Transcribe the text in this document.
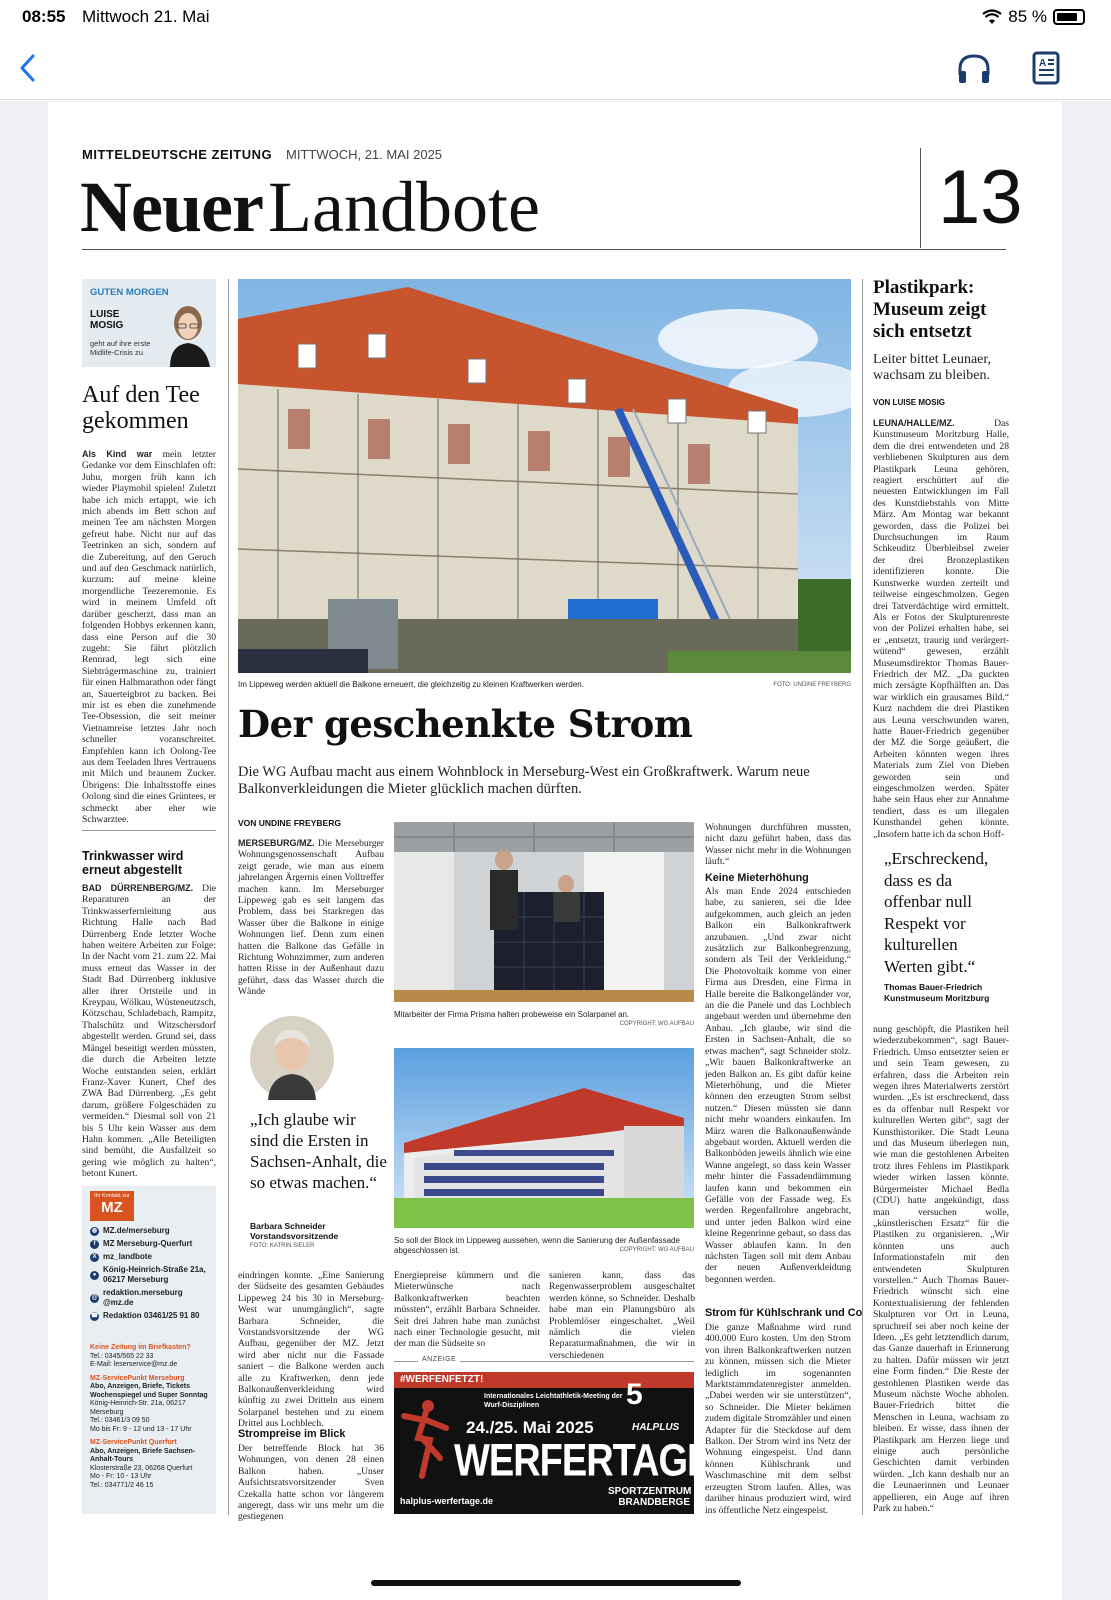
08:55 Mittwoch 21. Mai	85 %
A
MITTELDEUTSCHE ZEITUNG MITTWOCH, 21. MAI 2025
Neuer Landbote	13
GUTEN MORGEN
LUISE MOSIG
geht auf ihre erste Midlife-Crisis zu.
Auf den Tee gekommen
Als Kind war mein letzter Gedanke vor dem Einschlafen oft: Juhu, morgen früh kann ich wieder Playmobil spielen! Zuletzt habe ich mich ertappt, wie ich mich abends im Bett schon auf meinen Tee am nächsten Morgen gefreut habe. Nicht nur auf das Teetrinken an sich, sondern auf die Zubereitung, auf den Geruch und auf den Geschmack natürlich, kurzum: auf meine kleine morgendliche Teezeremonie. Es wird in meinem Umfeld oft darüber gescherzt, dass man an folgenden Hobbys erkennen kann, dass eine Person auf die 30 zugeht: Sie fährt plötzlich Rennrad, legt sich eine Siebträgermaschine zu, trainiert für einen Halbmarathon oder fängt an, Sauerteigbrot zu backen. Bei mir ist es eben die zunehmende Tee-Obsession, die seit meiner Vietnamreise letztes Jahr noch schneller voranschreitet. Empfehlen kann ich Oolong-Tee aus dem Teeladen Ihres Vertrauens mit Milch und braunem Zucker. Übrigens: Die Inhaltsstoffe eines Oolong sind die eines Grüntees, er schmeckt aber eher wie Schwarztee.
Trinkwasser wird erneut abgestellt
BAD DÜRRENBERG/MZ. Die Reparaturen an der Trinkwasserfernleitung aus Richtung Halle nach Bad Dürrenberg Ende letzter Woche haben weitere Arbeiten zur Folge: In der Nacht vom 21. zum 22. Mai muss erneut das Wasser in der Stadt Bad Dürrenberg inklusive aller ihrer Ortsteile und in Kreypau, Wölkau, Wüsteneutzsch, Kötzschau, Schladebach, Rampitz, Thalschütz und Witzschersdorf abgestellt werden. Grund sei, dass Mängel beseitigt werden müssten, die durch die Arbeiten letzte Woche entstanden seien, erklärt Franz-Xaver Kunert, Chef des ZWA Bad Dürrenberg. „Es geht darum, größere Folgeschäden zu vermeiden.“ Diesmal soll von 21 bis 5 Uhr kein Wasser aus dem Hahn kommen. „Alle Beteiligten sind bemüht, die Ausfallzeit so gering wie möglich zu halten“, betont Kunert.
Ihr Kontakt zur
MZ
◍ MZ.de/merseburg
f MZ Merseburg-Querfurt
X mz_landbote
●
König-Heinrich-Straße 21a, 06217 Merseburg
@
redaktion.merseburg @mz.de
☎ Redaktion 03461/25 91 80
Keine Zeitung im Briefkasten?
Tel.: 0345/565 22 33
E-Mail: leserservice@mz.de
MZ-ServicePunkt Merseburg
Abo, Anzeigen, Briefe, Tickets Wochenspiegel und Super Sonntag
König-Heinrich-Str. 21a, 06217 Merseburg
Tel.: 03461/3 09 50
Mo bis Fr: 9 - 12 und 13 - 17 Uhr
MZ-ServicePunkt Querfurt
Abo, Anzeigen, Briefe Sachsen-Anhalt-Tours
Klosterstraße 23, 06268 Querfurt
Mo - Fr: 10 - 13 Uhr
Tel.: 034771/2 46 15
Im Lippeweg werden aktuell die Balkone erneuert, die gleichzeitig zu kleinen Kraftwerken werden.	FOTO: UNDINE FREYBERG
Der geschenkte Strom
Die WG Aufbau macht aus einem Wohnblock in Merseburg-West ein Großkraftwerk. Warum neue Balkonverkleidungen die Mieter glücklich machen dürften.
VON UNDINE FREYBERG
MERSEBURG/MZ. Die Merseburger Wohnungsgenossenschaft Aufbau zeigt gerade, wie man aus einem jahrelangen Ärgernis einen Volltreffer machen kann. Im Merseburger Lippeweg gab es seit langem das Problem, dass bei Starkregen das Wasser über die Balkone in einige Wohnungen lief. Denn zum einen hatten die Balkone das Gefälle in Richtung Wohnzimmer, zum anderen hatten Risse in der Außenhaut dazu geführt, dass das Wasser durch die Wände
„Ich glaube wir sind die Ersten in Sachsen-Anhalt, die so etwas machen.“
Barbara Schneider
Vorstandsvorsitzende
FOTO: KATRIN SIELER
eindringen konnte. „Eine Sanierung der Südseite des gesamten Gebäudes Lippeweg 24 bis 30 in Merseburg-West war unumgänglich“, sagte Barbara Schneider, die Vorstandsvorsitzende der WG Aufbau, gegenüber der MZ. Jetzt wird aber nicht nur die Fassade saniert – die Balkone werden auch alle zu Kraftwerken, denn jede Balkonaußenverkleidung wird künftig zu zwei Dritteln aus einem Solarpanel bestehen und zu einem Drittel aus Lochblech.
Strompreise im Blick
Der betreffende Block hat 36 Wohnungen, von denen 28 einen Balkon haben. „Unser Aufsichtsratsvorsitzender Sven Czekalla hatte schon vor längerem angeregt, dass wir uns mehr um die gestiegenen
Mitarbeiter der Firma Prisma halten probeweise ein Solarpanel an.
COPYRIGHT: WG AUFBAU
So soll der Block im Lippeweg aussehen, wenn die Sanierung der Außenfassade abgeschlossen ist.	COPYRIGHT: WG AUFBAU
Energiepreise kümmern und die Mieterwünsche nach Balkonkraftwerken beachten müssten“, erzählt Barbara Schneider. Seit drei Jahren habe man zunächst nach einer Technologie gesucht, mit der man die Südseite so
sanieren kann, dass das Regenwasserproblem ausgeschaltet werden könne, so Schneider. Deshalb habe man ein Planungsbüro als Problemlöser eingeschaltet. „Weil nämlich die vielen Reparaturmaßnahmen, die wir in verschiedenen
ANZEIGE
#WERFENFETZT!
Internationales Leichtathletik-Meeting der Wurf-Disziplinen	5
24./25. Mai 2025	HALPLUS
WERFERTAGE
halplus-werfertage.de
SPORTZENTRUM BRANDBERGE
Wohnungen durchführen mussten, nicht dazu geführt haben, dass das Wasser nicht mehr in die Wohnungen läuft.“
Keine Mieterhöhung
Als man Ende 2024 entschieden habe, zu sanieren, sei die Idee aufgekommen, auch gleich an jeden Balkon ein Balkonkraftwerk anzubauen. „Und zwar nicht zusätzlich zur Balkonbegrenzung, sondern als Teil der Verkleidung.“ Die Photovoltaik komme von einer Firma aus Dresden, eine Firma in Halle bereite die Balkongeländer vor, an die die Panele und das Lochblech angebaut werden und übernehme den Anbau. „Ich glaube, wir sind die Ersten in Sachsen-Anhalt, die so etwas machen“, sagt Schneider stolz. „Wir bauen Balkonkraftwerke an jeden Balkon an. Es gibt dafür keine Mieterhöhung, und die Mieter können den erzeugten Strom selbst nutzen.“ Diesen müssten sie dann nicht mehr woanders einkaufen. Im März waren die Balkonaußenwände abgebaut worden. Aktuell werden die Balkonböden jeweils ähnlich wie eine Wanne angelegt, so dass kein Wasser mehr hinter die Fassadendämmung laufen kann und bekommen ein Gefälle von der Fassade weg. Es werden Regenfallrohre angebracht, und unter jeden Balkon wird eine kleine Regenrinne gebaut, so dass das Wasser ablaufen kann. In den nächsten Tagen soll mit dem Anbau der neuen Außenverkleidung begonnen werden.
Strom für Kühlschrank und Co
Die ganze Maßnahme wird rund 400.000 Euro kosten. Um den Strom von ihren Balkonkraftwerken nutzen zu können, müssen sich die Mieter lediglich im sogenannten Marktstammdatenregister anmelden. „Dabei werden wir sie unterstützen“, so Schneider. Die Mieter bekämen zudem digitale Stromzähler und einen Adapter für die Steckdose auf dem Balkon. Der Strom wird ins Netz der Wohnung eingespeist. Und dann können Kühlschrank und Waschmaschine mit dem selbst erzeugten Strom laufen. Alles, was darüber hinaus produziert wird, wird ins öffentliche Netz eingespeist.
Plastikpark: Museum zeigt sich entsetzt
Leiter bittet Leunaer, wachsam zu bleiben.
VON LUISE MOSIG
LEUNA/HALLE/MZ.	Das Kunstmuseum Moritzburg Halle, dem die drei entwendeten und 28 verbliebenen Skulpturen aus dem Plastikpark Leuna gehören, reagiert erschüttert auf die neuesten Entwicklungen im Fall des Kunstdiebstahls von Mitte März. Am Montag war bekannt geworden, dass die Polizei bei Durchsuchungen im Raum Schkeuditz Überbleibsel zweier der drei Bronzeplastiken identifizieren konnte. Die Kunstwerke wurden zerteilt und teilweise eingeschmolzen. Gegen drei Tatverdächtige wird ermittelt. Als er Fotos der Skulpturenreste von der Polizei erhalten habe, sei er „entsetzt, traurig und verärgert-wütend“ gewesen, erzählt Museumsdirektor Thomas Bauer-Friedrich der MZ. „Da guckten mich zersägte Kopfhälften an. Das war wirklich ein grausames Bild.“ Kurz nachdem die drei Plastiken aus Leuna verschwunden waren, hatte Bauer-Friedrich gegenüber der MZ die Sorge geäußert, die Arbeiten könnten wegen ihres Materials zum Ziel von Dieben geworden sein und eingeschmolzen werden. Später habe sein Haus eher zur Annahme tendiert, dass es um illegalen Kunsthandel gehen könnte. „Insofern hatte ich da schon Hoff-
„Erschreckend, dass es da offenbar null Respekt vor kulturellen Werten gibt.“
Thomas Bauer-Friedrich
Kunstmuseum Moritzburg
nung geschöpft, die Plastiken heil wiederzubekommen“, sagt Bauer-Friedrich. Umso entsetzter seien er und sein Team gewesen, zu erfahren, dass die Arbeiten rein wegen ihres Materialwerts zerstört wurden. „Es ist erschreckend, dass es da offenbar null Respekt vor kulturellen Werten gibt“, sagt der Kunsthistoriker. Die Stadt Leuna und das Museum überlegen nun, wie man die gestohlenen Arbeiten trotz ihres Fehlens im Plastikpark wieder wirken lassen könnte. Bürgermeister Michael Bedla (CDU) hatte angekündigt, dass man versuchen wolle, „künstlerischen Ersatz“ für die Plastiken zu organisieren. „Wir könnten uns auch Informationstafeln mit den entwendeten Skulpturen vorstellen.“ Auch Thomas Bauer-Friedrich wünscht sich eine Kontextualisierung der fehlenden Skulpturen vor Ort in Leuna, spruchreif sei aber noch keine der Ideen. „Es geht letztendlich darum, das Ganze dauerhaft in Erinnerung zu halten. Dafür müssen wir jetzt eine Form finden.“ Die Reste der gestohlenen Plastiken werde das Museum nächste Woche abholen. Bauer-Friedrich bittet die Menschen in Leuna, wachsam zu bleiben. Er wisse, dass ihnen der Plastikpark am Herzen liege und einige auch persönliche Geschichten damit verbinden würden. „Ich kann deshalb nur an die Leunaerinnen und Leunaer appellieren, ein Auge auf ihren Park zu haben.“
